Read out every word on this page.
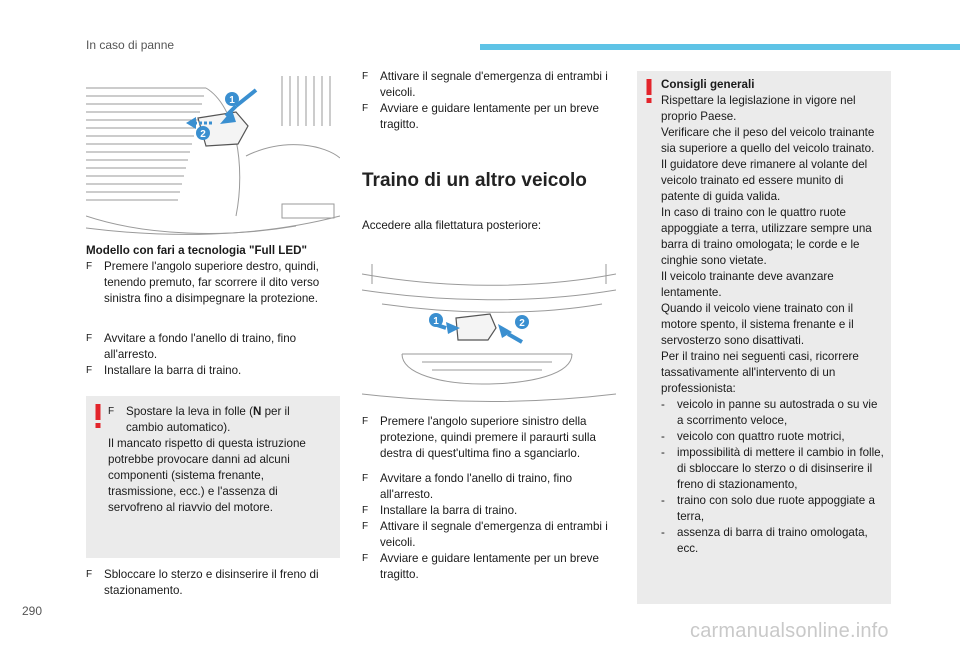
In caso di panne
1
2

Modello con fari a tecnologia "Full LED"

F Premere l'angolo superiore destro, quindi, tenendo premuto, far scorrere il dito verso sinistra fino a disimpegnare la protezione.
F Avvitare a fondo l'anello di traino, fino all'arresto.
F Installare la barra di traino.
F Spostare la leva in folle (N per il cambio automatico).

Il mancato rispetto di questa istruzione potrebbe provocare danni ad alcuni componenti (sistema frenante, trasmissione, ecc.) e l'assenza di servofreno al riavvio del motore.

F Sbloccare lo sterzo e disinserire il freno di stazionamento.
F Attivare il segnale d'emergenza di entrambi i veicoli.
F Avviare e guidare lentamente per un breve tragitto.
Traino di un altro veicolo
Accedere alla filettatura posteriore:
1	2
F Premere l'angolo superiore sinistro della protezione, quindi premere il paraurti sulla destra di quest'ultima fino a sganciarlo.
F Avvitare a fondo l'anello di traino, fino all'arresto.
F Installare la barra di traino.
F Attivare il segnale d'emergenza di entrambi i veicoli.
F Avviare e guidare lentamente per un breve tragitto.

Consigli generali

Rispettare la legislazione in vigore nel proprio Paese.

Verificare che il peso del veicolo trainante sia superiore a quello del veicolo trainato.

Il guidatore deve rimanere al volante del veicolo trainato ed essere munito di patente di guida valida.

In caso di traino con le quattro ruote appoggiate a terra, utilizzare sempre una barra di traino omologata; le corde e le cinghie sono vietate.

Il veicolo trainante deve avanzare lentamente.

Quando il veicolo viene trainato con il motore spento, il sistema frenante e il servosterzo sono disattivati.

Per il traino nei seguenti casi, ricorrere tassativamente all'intervento di un professionista:

- veicolo in panne su autostrada o su vie a scorrimento veloce,
- veicolo con quattro ruote motrici,
- impossibilità di mettere il cambio in folle, di sbloccare lo sterzo o di disinserire il freno di stazionamento,
- traino con solo due ruote appoggiate a terra,
- assenza di barra di traino omologata, ecc.
290
carmanualsonline.info
